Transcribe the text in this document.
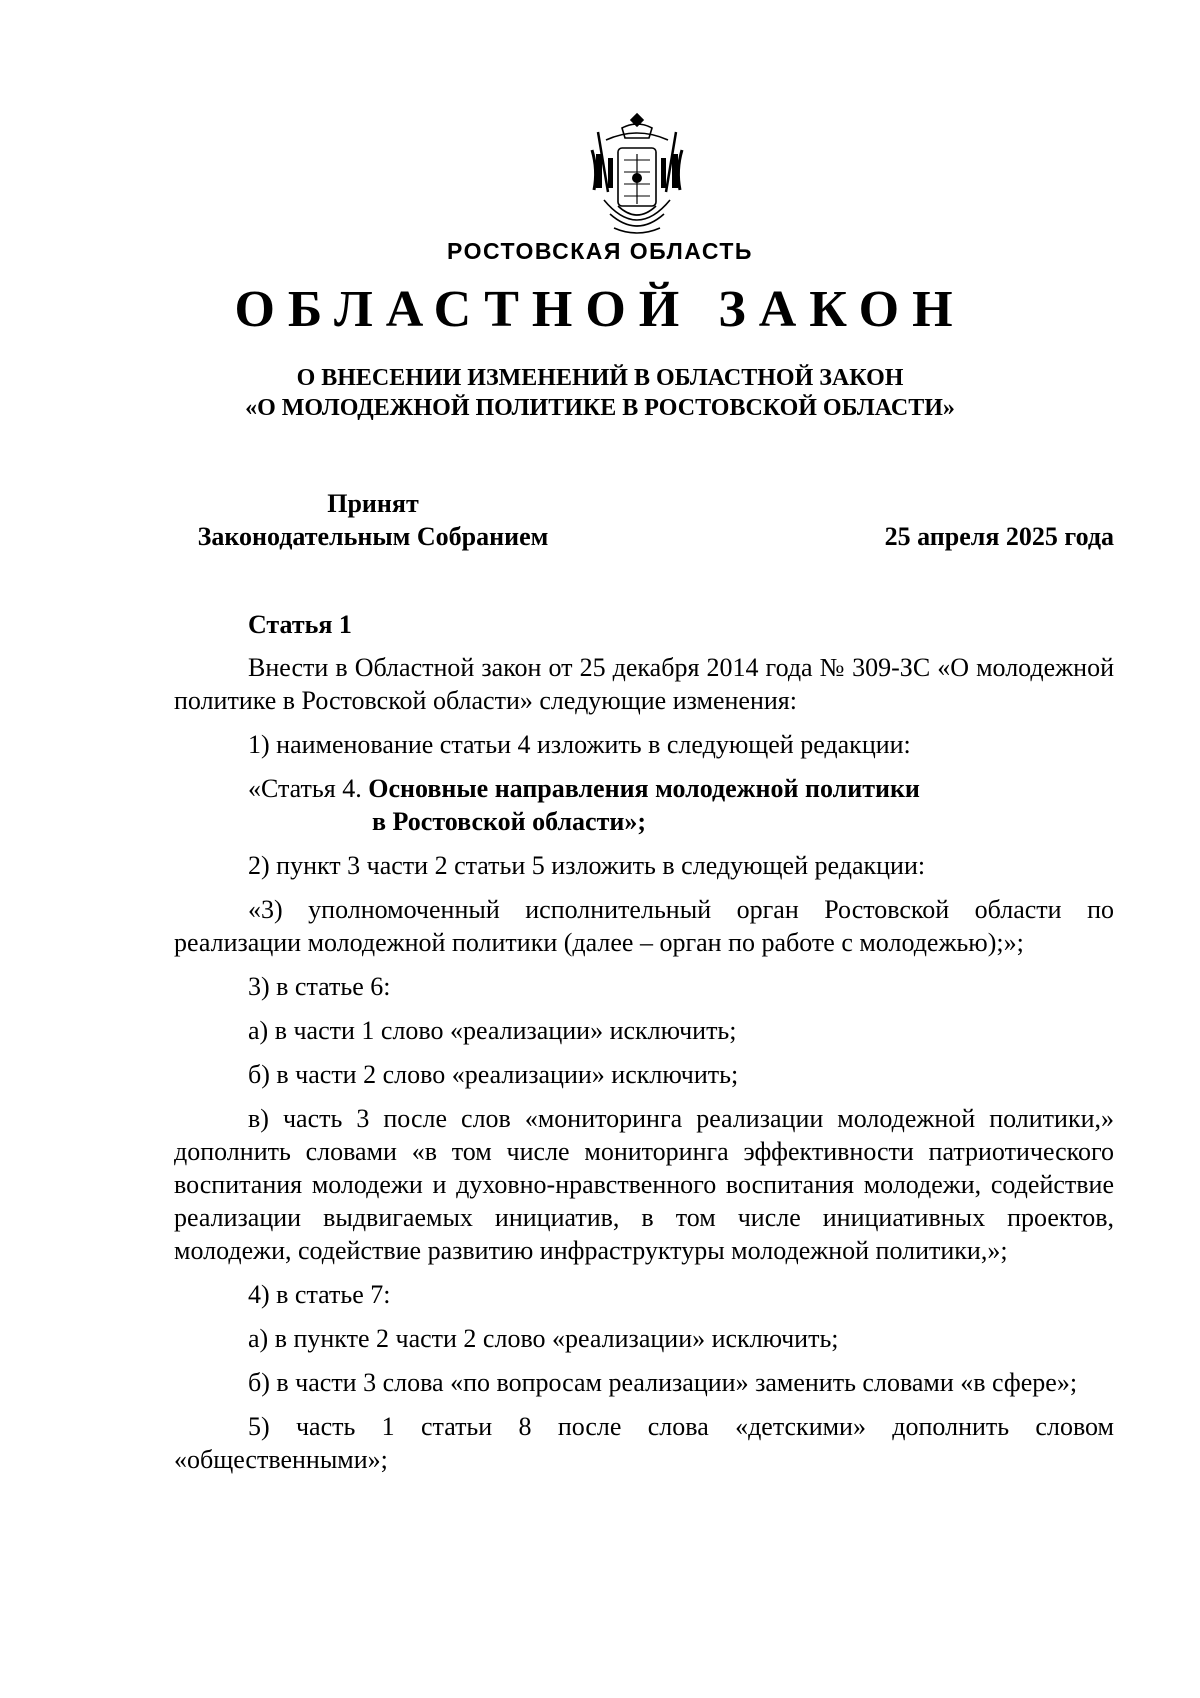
РОСТОВСКАЯ ОБЛАСТЬ
ОБЛАСТНОЙ ЗАКОН
О ВНЕСЕНИИ ИЗМЕНЕНИЙ В ОБЛАСТНОЙ ЗАКОН
«О МОЛОДЕЖНОЙ ПОЛИТИКЕ В РОСТОВСКОЙ ОБЛАСТИ»
Принят
Законодательным Собранием	25 апреля 2025 года
Статья 1

Внести в Областной закон от 25 декабря 2014 года № 309-ЗС «О молодежной политике в Ростовской области» следующие изменения:

1) наименование статьи 4 изложить в следующей редакции:

«Статья 4. Основные направления молодежной политики
в Ростовской области»;

2) пункт 3 части 2 статьи 5 изложить в следующей редакции:

«3) уполномоченный исполнительный орган Ростовской области по реализации молодежной политики (далее – орган по работе с молодежью);»;

3) в статье 6:

а) в части 1 слово «реализации» исключить;

б) в части 2 слово «реализации» исключить;

в) часть 3 после слов «мониторинга реализации молодежной политики,» дополнить словами «в том числе мониторинга эффективности патриотического воспитания молодежи и духовно-нравственного воспитания молодежи, содействие реализации выдвигаемых инициатив, в том числе инициативных проектов, молодежи, содействие развитию инфраструктуры молодежной политики,»;

4) в статье 7:

а) в пункте 2 части 2 слово «реализации» исключить;

б) в части 3 слова «по вопросам реализации» заменить словами «в сфере»;

5) часть 1 статьи 8 после слова «детскими» дополнить словом «общественными»;
